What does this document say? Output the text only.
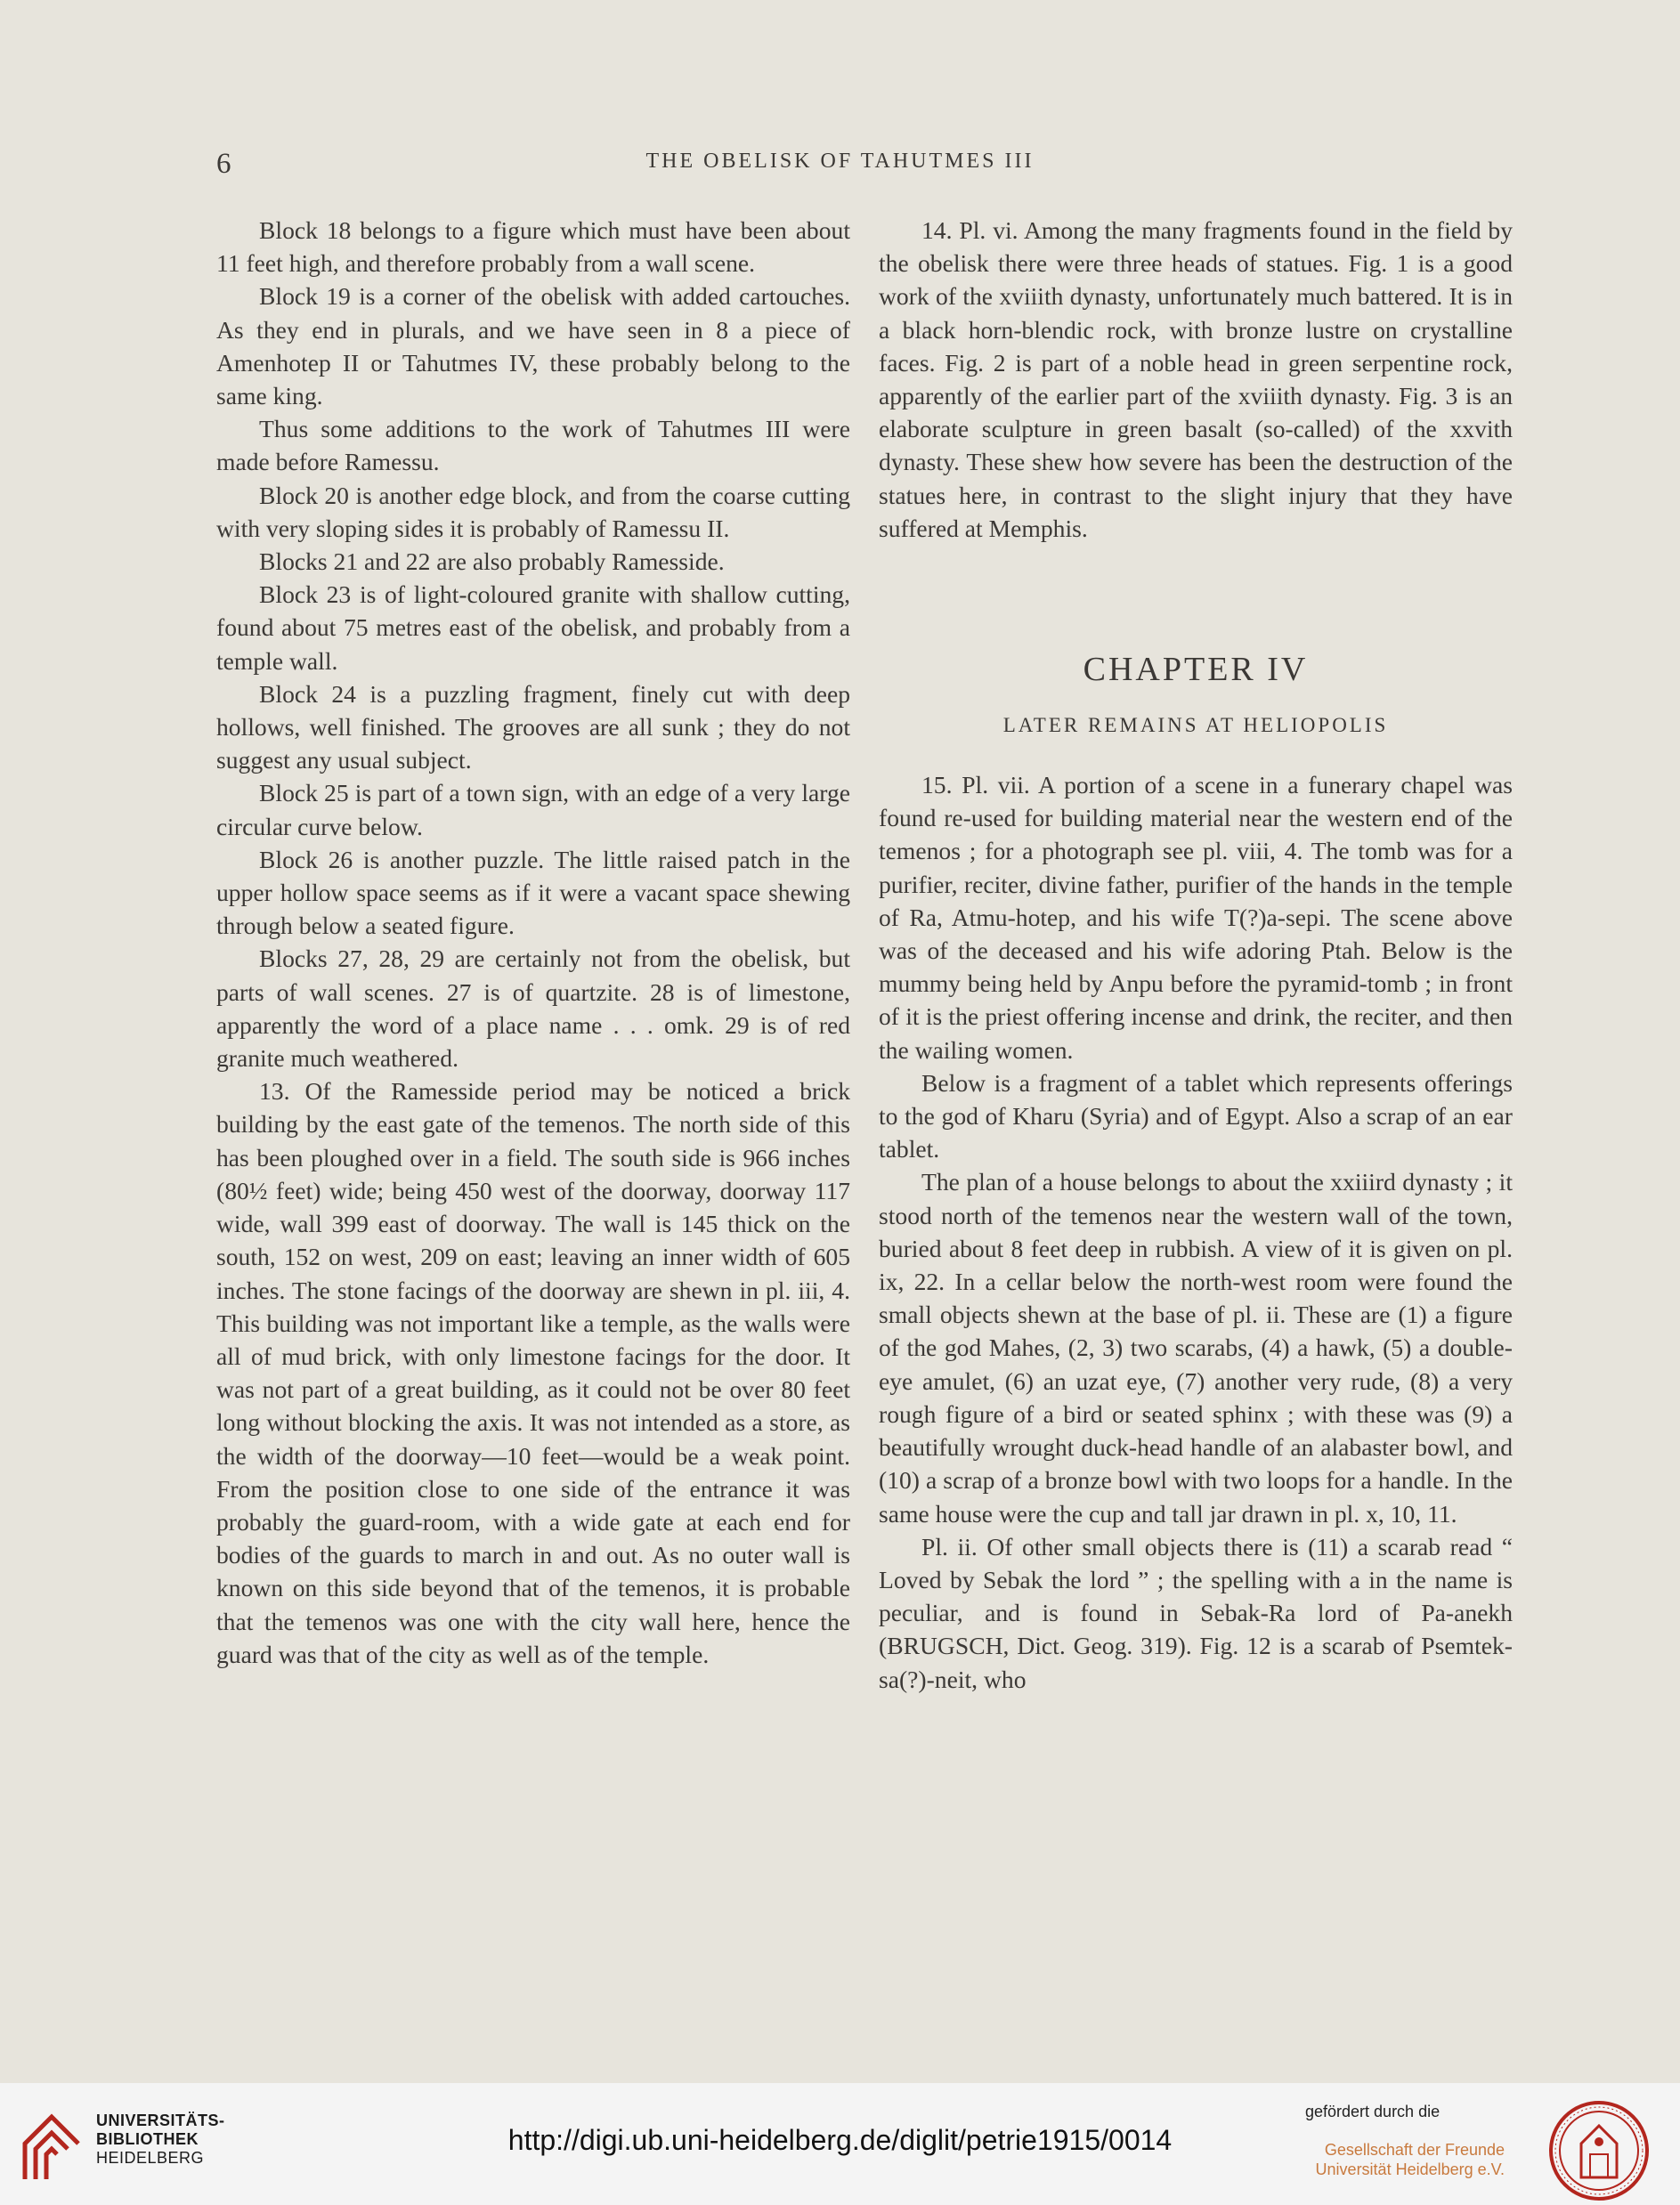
6	THE OBELISK OF TAHUTMES III

Block 18 belongs to a figure which must have been about 11 feet high, and therefore probably from a wall scene.

Block 19 is a corner of the obelisk with added cartouches. As they end in plurals, and we have seen in 8 a piece of Amenhotep II or Tahutmes IV, these probably belong to the same king.

Thus some additions to the work of Tahutmes III were made before Ramessu.

Block 20 is another edge block, and from the coarse cutting with very sloping sides it is probably of Ramessu II.

Blocks 21 and 22 are also probably Ramesside.

Block 23 is of light-coloured granite with shallow cutting, found about 75 metres east of the obelisk, and probably from a temple wall.

Block 24 is a puzzling fragment, finely cut with deep hollows, well finished. The grooves are all sunk ; they do not suggest any usual subject.

Block 25 is part of a town sign, with an edge of a very large circular curve below.

Block 26 is another puzzle. The little raised patch in the upper hollow space seems as if it were a vacant space shewing through below a seated figure.

Blocks 27, 28, 29 are certainly not from the obelisk, but parts of wall scenes. 27 is of quartzite. 28 is of limestone, apparently the word of a place name . . . omk. 29 is of red granite much weathered.

13. Of the Ramesside period may be noticed a brick building by the east gate of the temenos. The north side of this has been ploughed over in a field. The south side is 966 inches (80½ feet) wide; being 450 west of the doorway, doorway 117 wide, wall 399 east of doorway. The wall is 145 thick on the south, 152 on west, 209 on east; leaving an inner width of 605 inches. The stone facings of the doorway are shewn in pl. iii, 4. This building was not important like a temple, as the walls were all of mud brick, with only limestone facings for the door. It was not part of a great building, as it could not be over 80 feet long without blocking the axis. It was not intended as a store, as the width of the doorway—10 feet—would be a weak point. From the position close to one side of the entrance it was probably the guard-room, with a wide gate at each end for bodies of the guards to march in and out. As no outer wall is known on this side beyond that of the temenos, it is probable that the temenos was one with the city wall here, hence the guard was that of the city as well as of the temple.

14. Pl. vi. Among the many fragments found in the field by the obelisk there were three heads of statues. Fig. 1 is a good work of the xviiith dynasty, unfortunately much battered. It is in a black horn-blendic rock, with bronze lustre on crystalline faces. Fig. 2 is part of a noble head in green serpentine rock, apparently of the earlier part of the xviiith dynasty. Fig. 3 is an elaborate sculpture in green basalt (so-called) of the xxvith dynasty. These shew how severe has been the destruction of the statues here, in contrast to the slight injury that they have suffered at Memphis.

CHAPTER IV
LATER REMAINS AT HELIOPOLIS

15. Pl. vii. A portion of a scene in a funerary chapel was found re-used for building material near the western end of the temenos ; for a photograph see pl. viii, 4. The tomb was for a purifier, reciter, divine father, purifier of the hands in the temple of Ra, Atmu-hotep, and his wife T(?)a-sepi. The scene above was of the deceased and his wife adoring Ptah. Below is the mummy being held by Anpu before the pyramid-tomb ; in front of it is the priest offering incense and drink, the reciter, and then the wailing women.

Below is a fragment of a tablet which represents offerings to the god of Kharu (Syria) and of Egypt. Also a scrap of an ear tablet.

The plan of a house belongs to about the xxiiird dynasty ; it stood north of the temenos near the western wall of the town, buried about 8 feet deep in rubbish. A view of it is given on pl. ix, 22. In a cellar below the north-west room were found the small objects shewn at the base of pl. ii. These are (1) a figure of the god Mahes, (2, 3) two scarabs, (4) a hawk, (5) a double-eye amulet, (6) an uzat eye, (7) another very rude, (8) a very rough figure of a bird or seated sphinx ; with these was (9) a beautifully wrought duck-head handle of an alabaster bowl, and (10) a scrap of a bronze bowl with two loops for a handle. In the same house were the cup and tall jar drawn in pl. x, 10, 11.

Pl. ii. Of other small objects there is (11) a scarab read “ Loved by Sebak the lord ” ; the spelling with a in the name is peculiar, and is found in Sebak-Ra lord of Pa-anekh (BRUGSCH, Dict. Geog. 319). Fig. 12 is a scarab of Psemtek-sa(?)-neit, who

UNIVERSITÄTS-
BIBLIOTHEK
HEIDELBERG
http://digi.ub.uni-heidelberg.de/diglit/petrie1915/0014
gefördert durch die
Gesellschaft der Freunde
Universität Heidelberg e.V.
